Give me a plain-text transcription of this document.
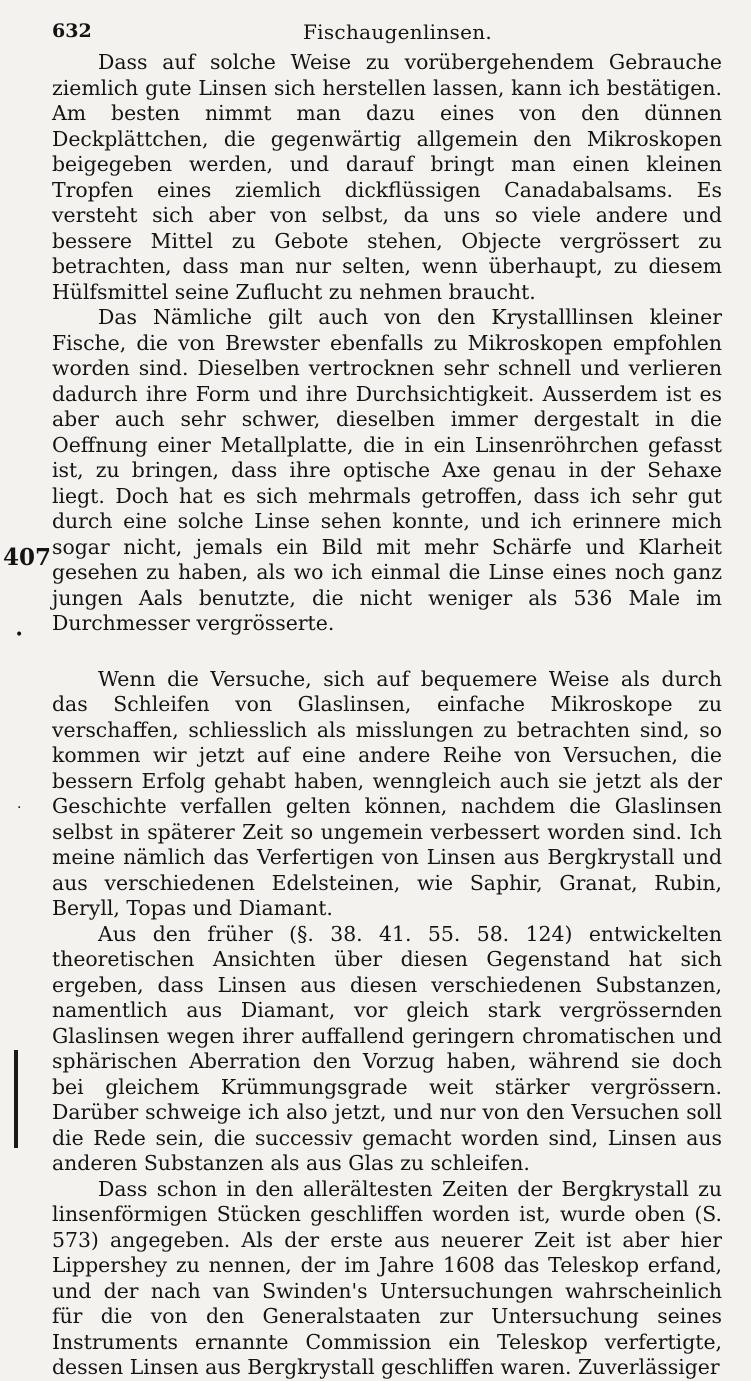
632	Fischaugenlinsen.
407
•
·

Dass auf solche Weise zu vorübergehendem Gebrauche ziemlich gute Linsen sich herstellen lassen, kann ich bestätigen. Am besten nimmt man dazu eines von den dünnen Deckplättchen, die gegenwärtig allgemein den Mikroskopen beigegeben werden, und darauf bringt man einen kleinen Tropfen eines ziemlich dickflüssigen Canadabalsams. Es versteht sich aber von selbst, da uns so viele andere und bessere Mittel zu Gebote stehen, Objecte vergrössert zu betrachten, dass man nur selten, wenn überhaupt, zu diesem Hülfsmittel seine Zuflucht zu nehmen braucht.

Das Nämliche gilt auch von den Krystalllinsen kleiner Fische, die von Brewster ebenfalls zu Mikroskopen empfohlen worden sind. Dieselben vertrocknen sehr schnell und verlieren dadurch ihre Form und ihre Durchsichtigkeit. Ausserdem ist es aber auch sehr schwer, dieselben immer dergestalt in die Oeffnung einer Metallplatte, die in ein Linsenröhrchen gefasst ist, zu bringen, dass ihre optische Axe genau in der Sehaxe liegt. Doch hat es sich mehrmals getroffen, dass ich sehr gut durch eine solche Linse sehen konnte, und ich erinnere mich sogar nicht, jemals ein Bild mit mehr Schärfe und Klarheit gesehen zu haben, als wo ich einmal die Linse eines noch ganz jungen Aals benutzte, die nicht weniger als 536 Male im Durchmesser vergrösserte.

Wenn die Versuche, sich auf bequemere Weise als durch das Schleifen von Glaslinsen, einfache Mikroskope zu verschaffen, schliesslich als misslungen zu betrachten sind, so kommen wir jetzt auf eine andere Reihe von Versuchen, die bessern Erfolg gehabt haben, wenngleich auch sie jetzt als der Geschichte verfallen gelten können, nachdem die Glaslinsen selbst in späterer Zeit so ungemein verbessert worden sind. Ich meine nämlich das Verfertigen von Linsen aus Bergkrystall und aus verschiedenen Edelsteinen, wie Saphir, Granat, Rubin, Beryll, Topas und Diamant.

Aus den früher (§. 38. 41. 55. 58. 124) entwickelten theoretischen Ansichten über diesen Gegenstand hat sich ergeben, dass Linsen aus diesen verschiedenen Substanzen, namentlich aus Diamant, vor gleich stark vergrössernden Glaslinsen wegen ihrer auffallend geringern chromatischen und sphärischen Aberration den Vorzug haben, während sie doch bei gleichem Krümmungsgrade weit stärker vergrössern. Darüber schweige ich also jetzt, und nur von den Versuchen soll die Rede sein, die successiv gemacht worden sind, Linsen aus anderen Substanzen als aus Glas zu schleifen.

Dass schon in den allerältesten Zeiten der Bergkrystall zu linsenförmigen Stücken geschliffen worden ist, wurde oben (S. 573) angegeben. Als der erste aus neuerer Zeit ist aber hier Lippershey zu nennen, der im Jahre 1608 das Teleskop erfand, und der nach van Swinden's Untersuchungen wahrscheinlich für die von den Generalstaaten zur Untersuchung seines Instruments ernannte Commission ein Teleskop verfertigte, dessen Linsen aus Bergkrystall geschliffen waren. Zuverlässiger
